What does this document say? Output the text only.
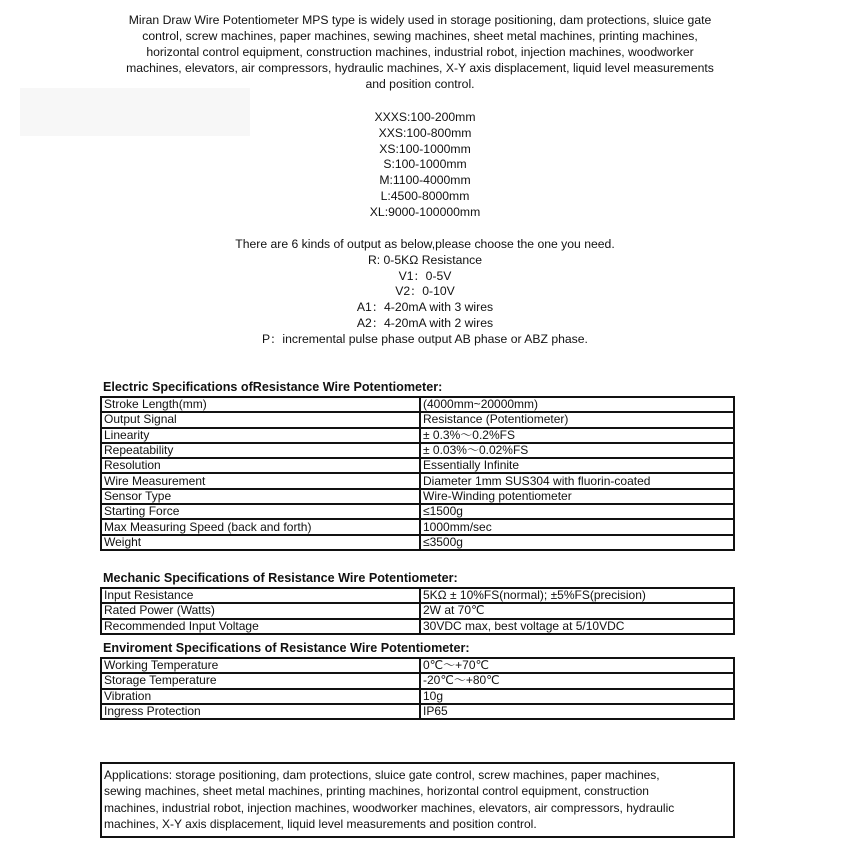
Miran Draw Wire Potentiometer MPS type is widely used in storage positioning, dam protections, sluice gate
control, screw machines, paper machines, sewing machines, sheet metal machines, printing machines,
horizontal control equipment, construction machines, industrial robot, injection machines, woodworker
machines, elevators, air compressors, hydraulic machines, X-Y axis displacement, liquid level measurements
and position control.
XXXS:100-200mm
XXS:100-800mm
XS:100-1000mm
S:100-1000mm
M:1100-4000mm
L:4500-8000mm
XL:9000-100000mm
There are 6 kinds of output as below,please choose the one you need.
R: 0-5KΩ Resistance
V1：0-5V
V2：0-10V
A1：4-20mA with 3 wires
A2：4-20mA with 2 wires
P：incremental pulse phase output AB phase or ABZ phase.
Electric Specifications ofResistance Wire Potentiometer:
Stroke Length(mm)	(4000mm~20000mm)
Output Signal	Resistance (Potentiometer)
Linearity	± 0.3%～0.2%FS
Repeatability	± 0.03%～0.02%FS
Resolution	Essentially Infinite
Wire Measurement	Diameter 1mm SUS304 with fluorin-coated
Sensor Type	Wire-Winding potentiometer
Starting Force	≤1500g
Max Measuring Speed (back and forth)	1000mm/sec
Weight	≤3500g
Mechanic Specifications of Resistance Wire Potentiometer:
Input Resistance	5KΩ ± 10%FS(normal); ±5%FS(precision)
Rated Power (Watts)	2W at 70℃
Recommended Input Voltage	30VDC max, best voltage at 5/10VDC
Enviroment Specifications of Resistance Wire Potentiometer:
Working Temperature	0℃～+70℃
Storage Temperature	-20℃～+80℃
Vibration	10g
Ingress Protection	IP65
Applications: storage positioning, dam protections, sluice gate control, screw machines, paper machines,
sewing machines, sheet metal machines, printing machines, horizontal control equipment, construction
machines, industrial robot, injection machines, woodworker machines, elevators, air compressors, hydraulic
machines, X-Y axis displacement, liquid level measurements and position control.
